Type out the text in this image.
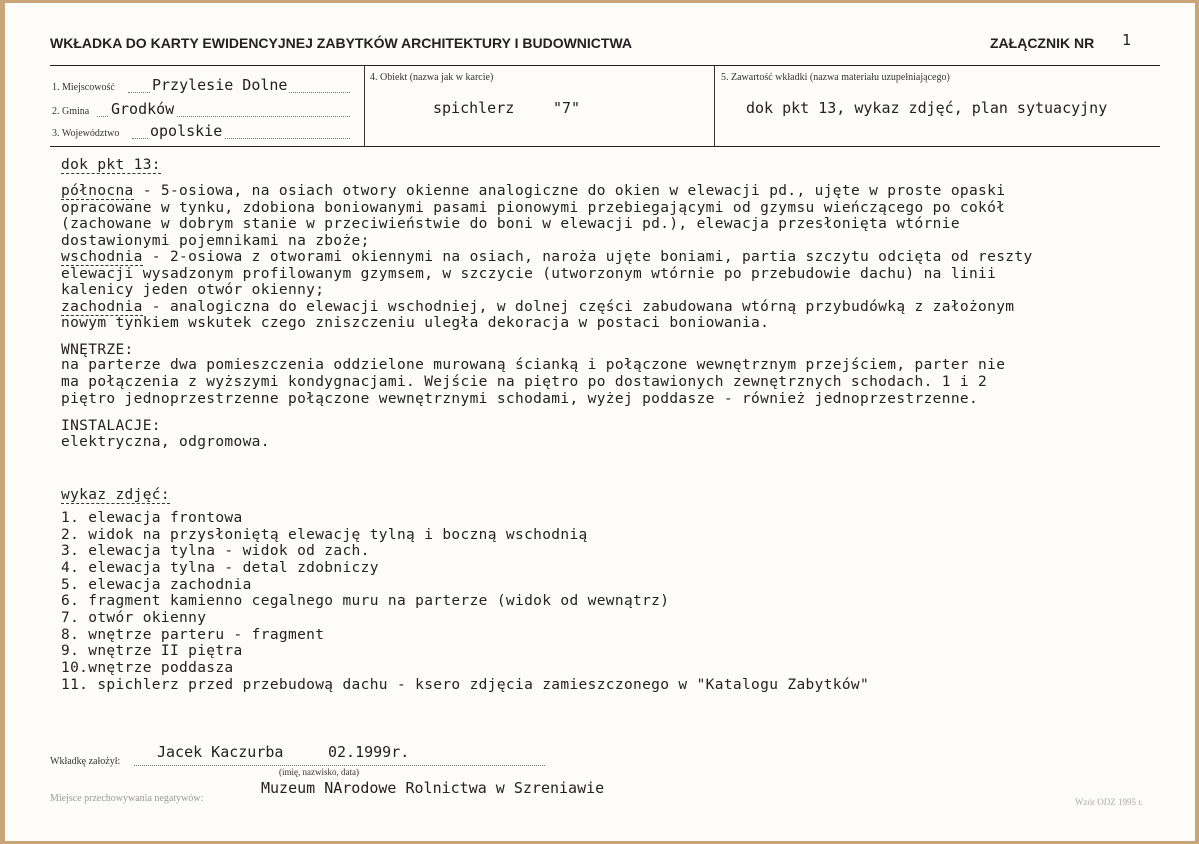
WKŁADKA DO KARTY EWIDENCYJNEJ ZABYTKÓW ARCHITEKTURY I BUDOWNICTWA	ZAŁĄCZNIK NR 1
1. Miejscowość Przylesie Dolne
2. Gmina Grodków
3. Województwo opolskie
4. Obiekt (nazwa jak w karcie)
spichlerz	"7"
5. Zawartość wkładki (nazwa materiału uzupełniającego)
dok pkt 13, wykaz zdjęć, plan sytuacyjny
dok pkt 13:
północna - 5-osiowa, na osiach otwory okienne analogiczne do okien w elewacji pd., ujęte w proste opaski
opracowane w tynku, zdobiona boniowanymi pasami pionowymi przebiegającymi od gzymsu wieńczącego po cokół
(zachowane w dobrym stanie w przeciwieństwie do boni w elewacji pd.), elewacja przesłonięta wtórnie
dostawionymi pojemnikami na zboże;
wschodnia - 2-osiowa z otworami okiennymi na osiach, naroża ujęte boniami, partia szczytu odcięta od reszty
elewacji wysadzonym profilowanym gzymsem, w szczycie (utworzonym wtórnie po przebudowie dachu) na linii
kalenicy jeden otwór okienny;
zachodnia - analogiczna do elewacji wschodniej, w dolnej części zabudowana wtórną przybudówką z założonym
nowym tynkiem wskutek czego zniszczeniu uległa dekoracja w postaci boniowania.
WNĘTRZE:
na parterze dwa pomieszczenia oddzielone murowaną ścianką i połączone wewnętrznym przejściem, parter nie
ma połączenia z wyższymi kondygnacjami. Wejście na piętro po dostawionych zewnętrznych schodach. 1 i 2
piętro jednoprzestrzenne połączone wewnętrznymi schodami, wyżej poddasze - również jednoprzestrzenne.
INSTALACJE:
elektryczna, odgromowa.
wykaz zdjęć:
1. elewacja frontowa
2. widok na przysłoniętą elewację tylną i boczną wschodnią
3. elewacja tylna - widok od zach.
4. elewacja tylna - detal zdobniczy
5. elewacja zachodnia
6. fragment kamienno cegalnego muru na parterze (widok od wewnątrz)
7. otwór okienny
8. wnętrze parteru - fragment
9. wnętrze II piętra
10.wnętrze poddasza
11. spichlerz przed przebudową dachu - ksero zdjęcia zamieszczonego w "Katalogu Zabytków"
Wkładkę założył:
Jacek Kaczurba	02.1999r.
(imię, nazwisko, data)
Miejsce przechowywania negatywów:
Muzeum NArodowe Rolnictwa w Szreniawie
Wzór ODZ 1995 r.
